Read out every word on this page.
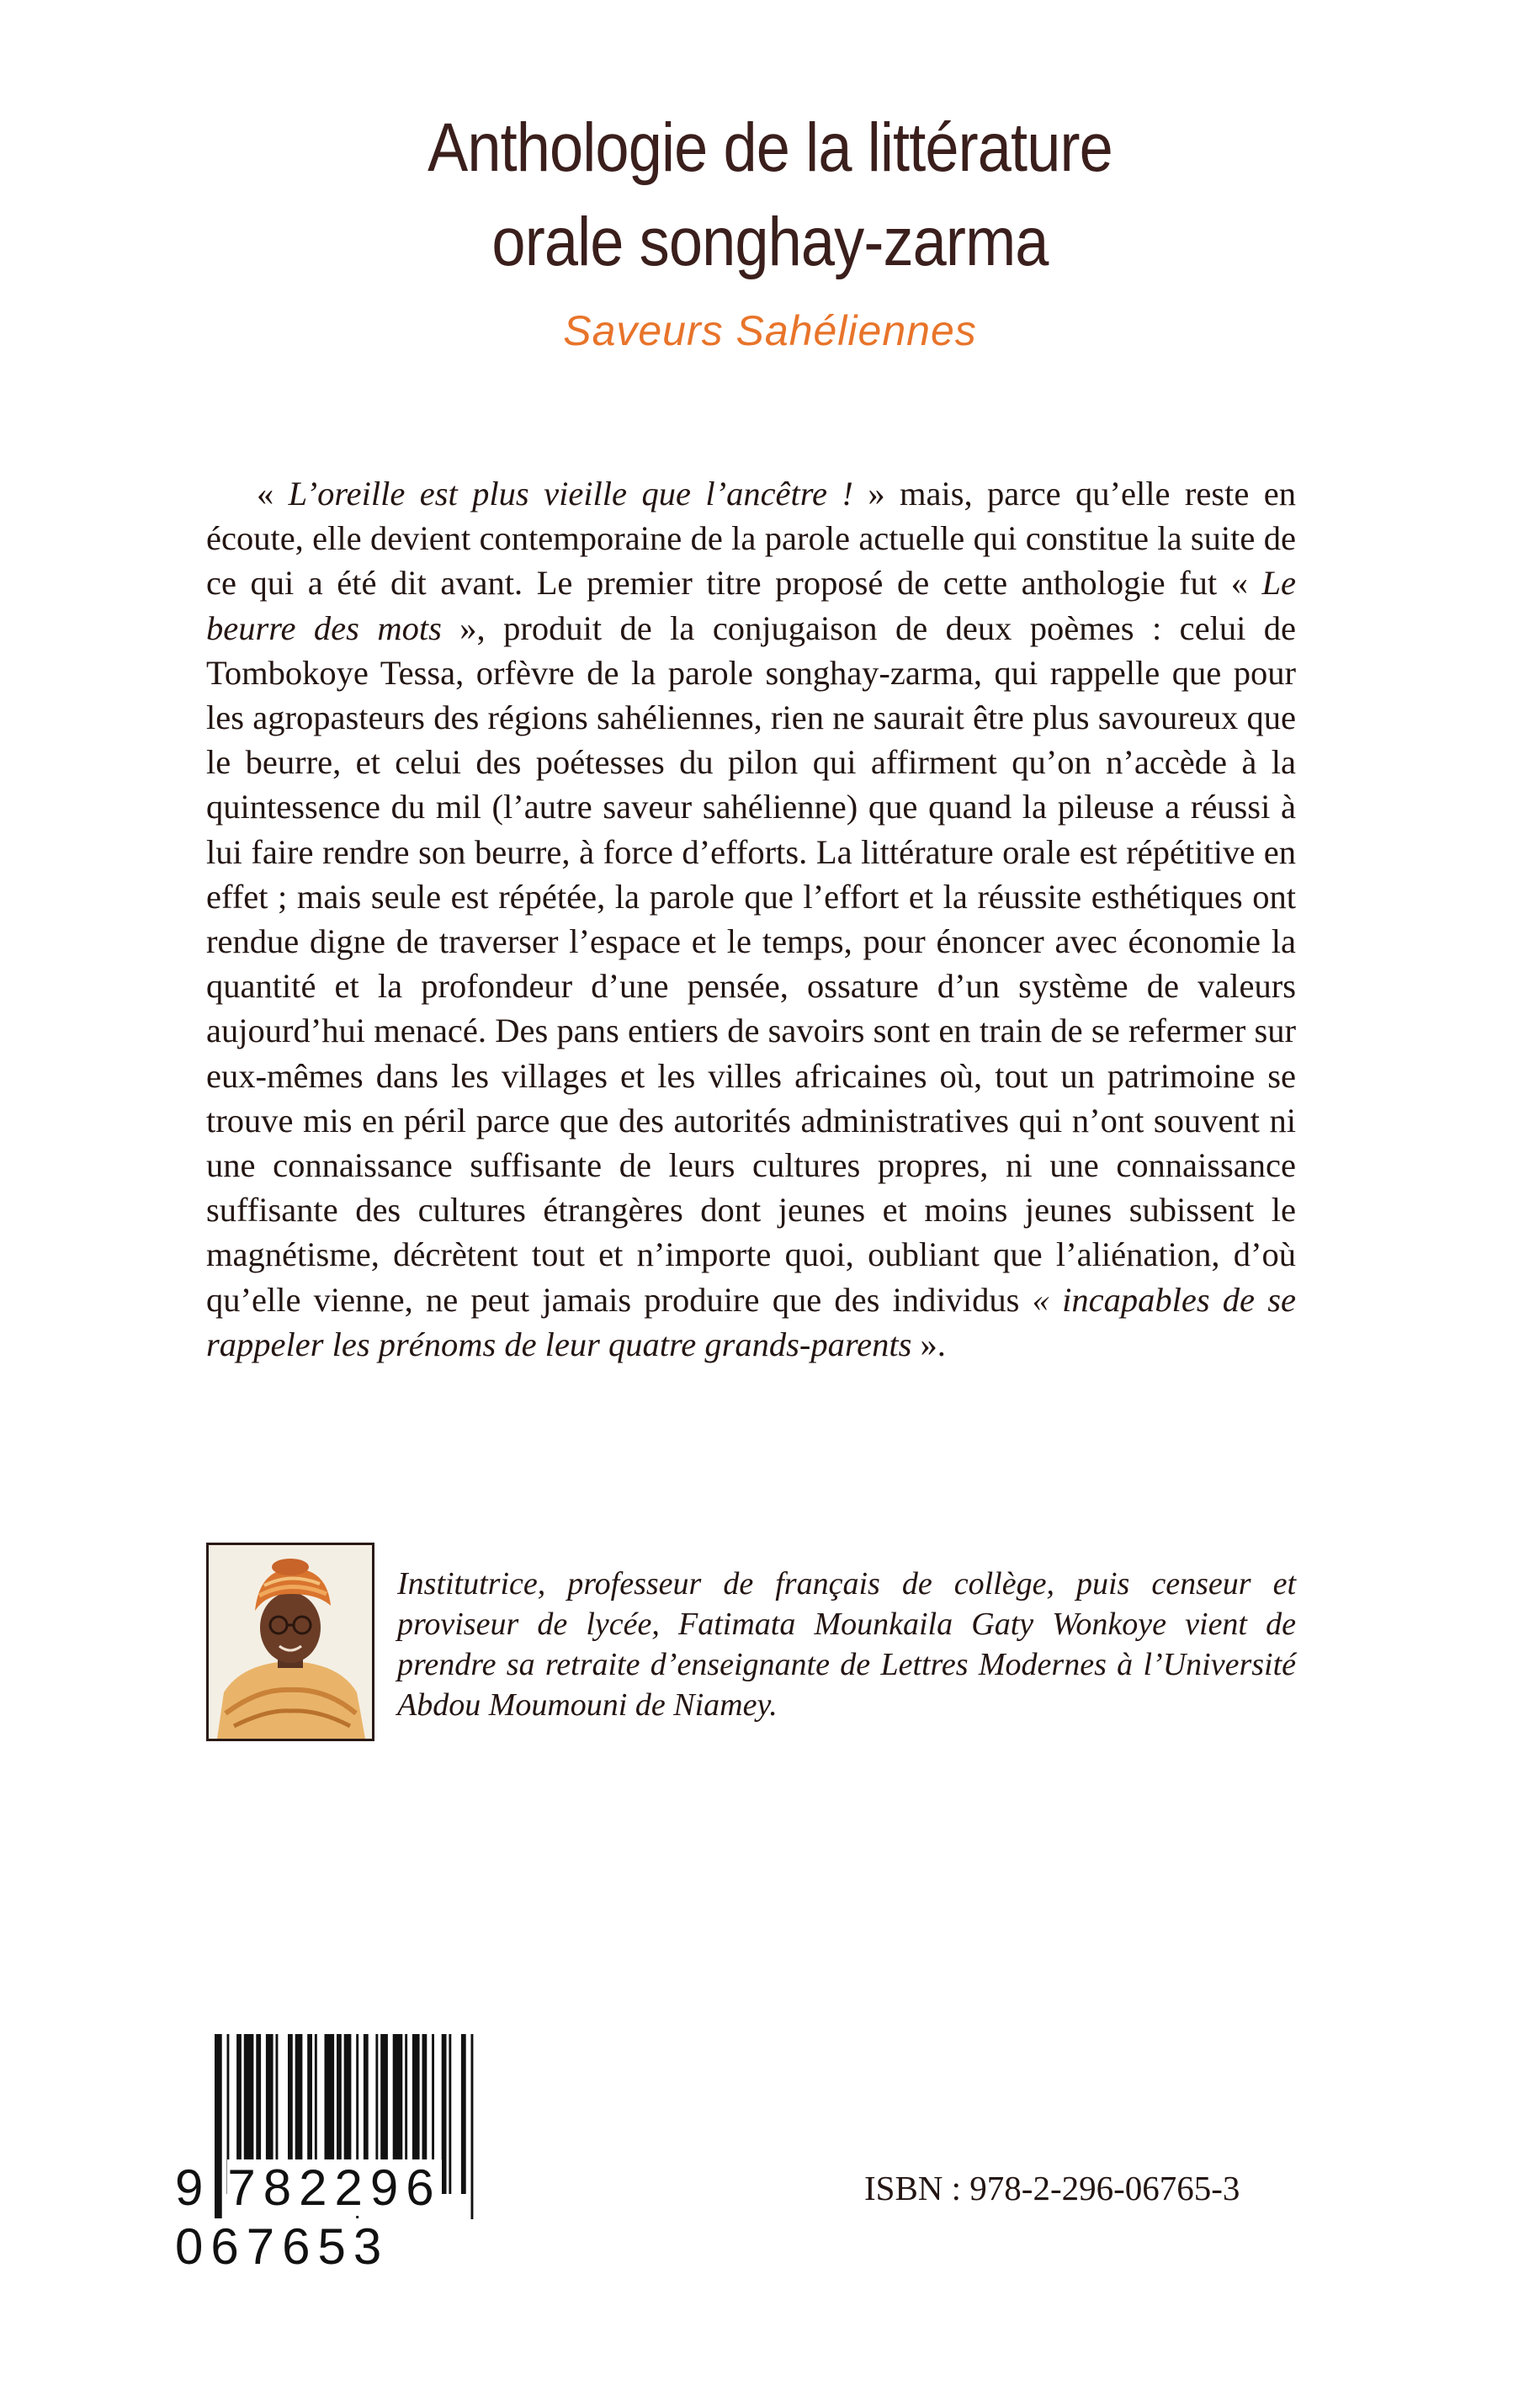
Anthologie de la littérature
orale songhay-zarma
Saveurs Sahéliennes

« L’oreille est plus vieille que l’ancêtre ! » mais, parce qu’elle reste en écoute, elle devient contemporaine de la parole actuelle qui constitue la suite de ce qui a été dit avant. Le premier titre proposé de cette anthologie fut « Le beurre des mots », produit de la conjugaison de deux poèmes : celui de Tombokoye Tessa, orfèvre de la parole songhay-zarma, qui rappelle que pour les agropasteurs des régions sahéliennes, rien ne saurait être plus savoureux que le beurre, et celui des poétesses du pilon qui affirment qu’on n’accède à la quintessence du mil (l’autre saveur sahélienne) que quand la pileuse a réussi à lui faire rendre son beurre, à force d’efforts. La littérature orale est répétitive en effet ; mais seule est répétée, la parole que l’effort et la réussite esthétiques ont rendue digne de traverser l’espace et le temps, pour énoncer avec économie la quantité et la profondeur d’une pensée, ossature d’un système de valeurs aujourd’hui menacé. Des pans entiers de savoirs sont en train de se refermer sur eux-mêmes dans les villages et les villes africaines où, tout un patrimoine se trouve mis en péril parce que des autorités administratives qui n’ont souvent ni une connaissance suffisante de leurs cultures propres, ni une connaissance suffisante des cultures étrangères dont jeunes et moins jeunes subissent le magnétisme, décrètent tout et n’importe quoi, oubliant que l’aliénation, d’où qu’elle vienne, ne peut jamais produire que des individus « incapables de se rappeler les prénoms de leur quatre grands-parents ».

Institutrice, professeur de français de collège, puis censeur et proviseur de lycée, Fatimata Mounkaila Gaty Wonkoye vient de prendre sa retraite d’enseignante de Lettres Modernes à l’Université Abdou Moumouni de Niamey.
9 782296067653
ISBN : 978-2-296-06765-3
